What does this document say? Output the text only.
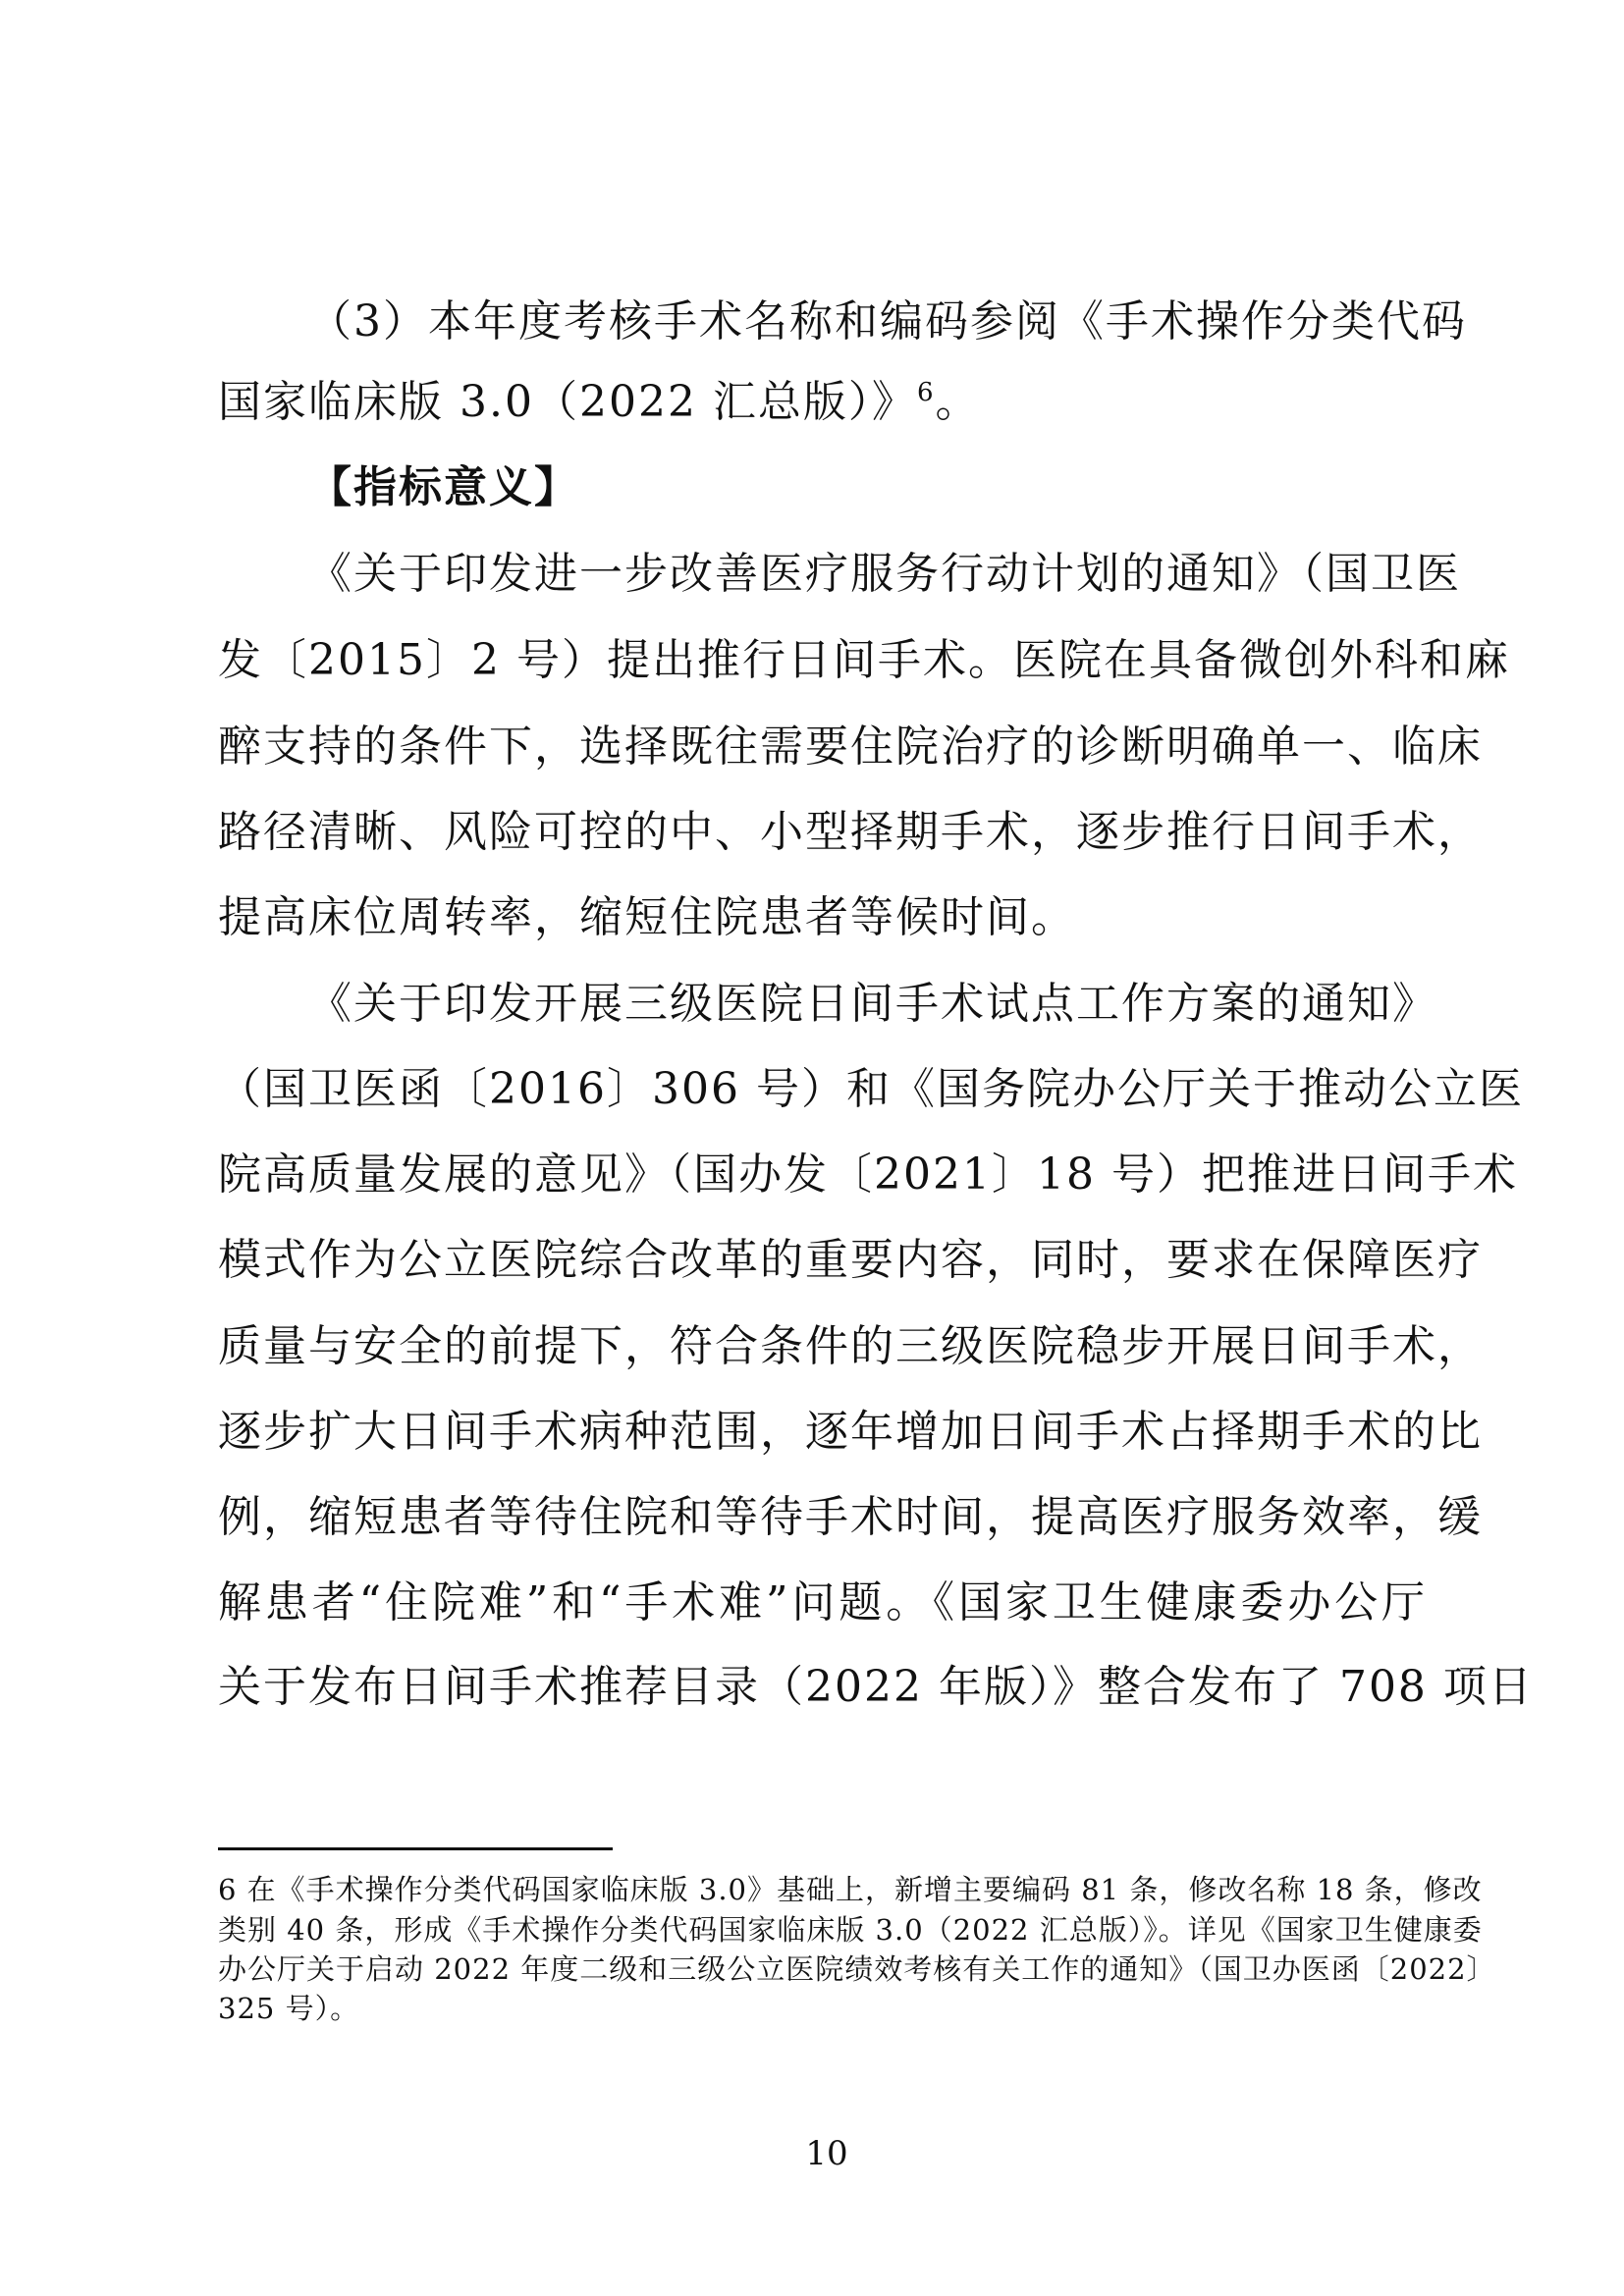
（3）本年度考核手术名称和编码参阅《手术操作分类代码
国家临床版 3.0（2022 汇总版）》$^6$。
【指标意义】
《关于印发进一步改善医疗服务行动计划的通知》（国卫医
发〔2015〕2 号）提出推行日间手术。医院在具备微创外科和麻
醉支持的条件下，选择既往需要住院治疗的诊断明确单一、临床
路径清晰、风险可控的中、小型择期手术，逐步推行日间手术，
提高床位周转率，缩短住院患者等候时间。
《关于印发开展三级医院日间手术试点工作方案的通知》
（国卫医函〔2016〕306 号）和《国务院办公厅关于推动公立医
院高质量发展的意见》（国办发〔2021〕18 号）把推进日间手术
模式作为公立医院综合改革的重要内容，同时，要求在保障医疗
质量与安全的前提下，符合条件的三级医院稳步开展日间手术，
逐步扩大日间手术病种范围，逐年增加日间手术占择期手术的比
例，缩短患者等待住院和等待手术时间，提高医疗服务效率，缓
解患者“住院难”和“手术难”问题。《国家卫生健康委办公厅
关于发布日间手术推荐目录（2022 年版）》整合发布了 708 项日
6 在《手术操作分类代码国家临床版 3.0》基础上，新增主要编码 81 条，修改名称 18 条，修改
类别 40 条，形成《手术操作分类代码国家临床版 3.0（2022 汇总版）》。详见《国家卫生健康委
办公厅关于启动 2022 年度二级和三级公立医院绩效考核有关工作的通知》（国卫办医函〔2022〕
325 号）。
10
